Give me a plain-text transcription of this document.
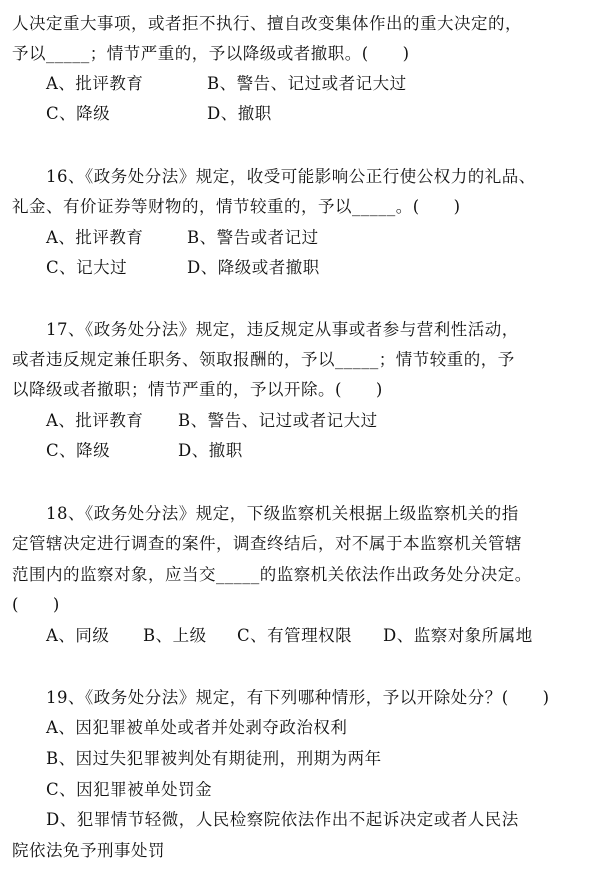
人决定重大事项，或者拒不执行、擅自改变集体作出的重大决定的，
予以_____；情节严重的，予以降级或者撤职。(　　)
A、批评教育	B、警告、记过或者记大过
C、降级	D、撤职
16、《政务处分法》规定，收受可能影响公正行使公权力的礼品、
礼金、有价证券等财物的，情节较重的，予以_____。(　　)
A、批评教育	B、警告或者记过
C、记大过	D、降级或者撤职
17、《政务处分法》规定，违反规定从事或者参与营利性活动，
或者违反规定兼任职务、领取报酬的，予以_____；情节较重的，予
以降级或者撤职；情节严重的，予以开除。(　　)
A、批评教育 B、警告、记过或者记大过
C、降级	D、撤职
18、《政务处分法》规定，下级监察机关根据上级监察机关的指
定管辖决定进行调查的案件，调查终结后，对不属于本监察机关管辖
范围内的监察对象，应当交_____的监察机关依法作出政务处分决定。
(　　)
A、同级 B、上级 C、有管理权限 D、监察对象所属地
19、《政务处分法》规定，有下列哪种情形，予以开除处分？(　　)
A、因犯罪被单处或者并处剥夺政治权利
B、因过失犯罪被判处有期徒刑，刑期为两年
C、因犯罪被单处罚金
D、犯罪情节轻微，人民检察院依法作出不起诉决定或者人民法
院依法免予刑事处罚
